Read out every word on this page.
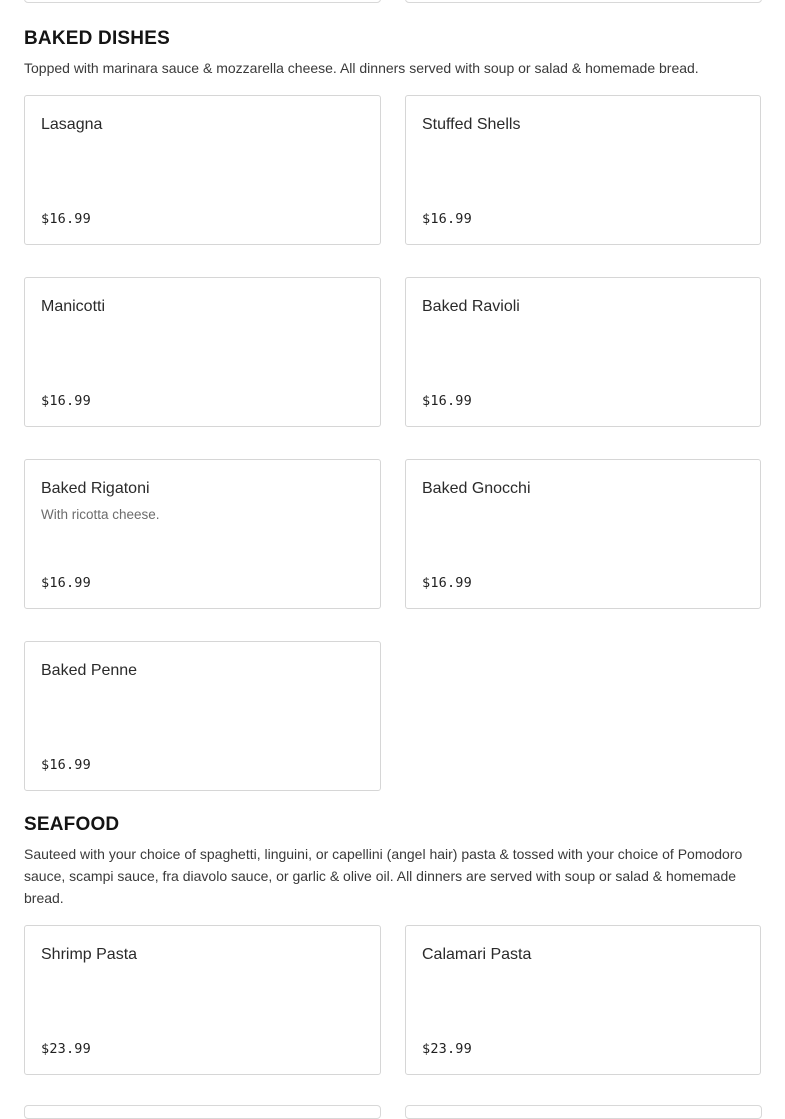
BAKED DISHES

Topped with marinara sauce & mozzarella cheese. All dinners served with soup or salad & homemade bread.

Lasagna
$16.99
Stuffed Shells
$16.99
Manicotti
$16.99
Baked Ravioli
$16.99
Baked Rigatoni
With ricotta cheese.
$16.99
Baked Gnocchi
$16.99
Baked Penne
$16.99
SEAFOOD

Sauteed with your choice of spaghetti, linguini, or capellini (angel hair) pasta & tossed with your choice of Pomodoro sauce, scampi sauce, fra diavolo sauce, or garlic & olive oil. All dinners are served with soup or salad & homemade bread.

Shrimp Pasta
$23.99
Calamari Pasta
$23.99
